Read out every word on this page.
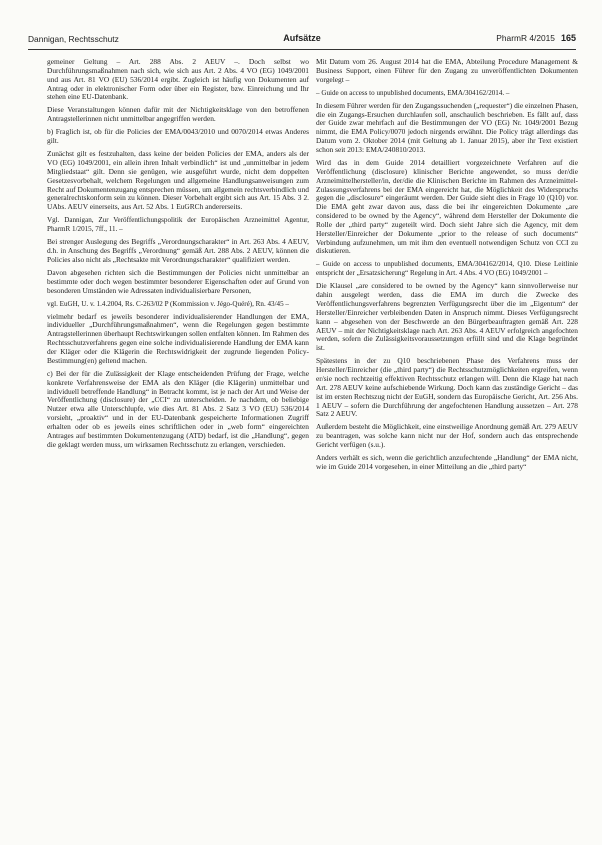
Dannigan, Rechtsschutz	Aufsätze	PharmR 4/2015 165

gemeiner Geltung – Art. 288 Abs. 2 AEUV –. Doch selbst wo Durchführungsmaßnahmen nach sich, wie sich aus Art. 2 Abs. 4 VO (EG) 1049/2001 und aus Art. 81 VO (EU) 536/2014 ergibt. Zugleich ist häufig von Dokumenten auf Antrag oder in elektronischer Form oder über ein Register, bzw. Einreichung und Ihr stehen eine EU-Datenbank.

Diese Veranstaltungen können dafür mit der Nichtigkeitsklage von den betroffenen Antragstellerinnen nicht unmittelbar angegriffen werden.

b) Fraglich ist, ob für die Policies der EMA/0043/2010 und 0070/2014 etwas Anderes gilt.

Zunächst gilt es festzuhalten, dass keine der beiden Policies der EMA, anders als der VO (EG) 1049/2001, ein allein ihren Inhalt verbindlich“ ist und „unmittelbar in jedem Mitgliedstaat“ gilt. Denn sie genügen, wie ausgeführt wurde, nicht dem doppelten Gesetzesvorbehalt, welchem Regelungen und allgemeine Handlungsanweisungen zum Recht auf Dokumentenzugang entsprechen müssen, um allgemein rechtsverbindlich und generalrechtskonform sein zu können. Dieser Vorbehalt ergibt sich aus Art. 15 Abs. 3 2. UAbs. AEUV einerseits, aus Art. 52 Abs. 1 EuGRCh andererseits.

Vgl. Dannigan, Zur Veröffentlichungspolitik der Europäischen Arzneimittel Agentur, PharmR 1/2015, 7ff., 11. –

Bei strenger Auslegung des Begriffs „Verordnungscharakter“ in Art. 263 Abs. 4 AEUV, d.h. in Anschung des Begriffs „Verordnung“ gemäß Art. 288 Abs. 2 AEUV, können die Policies also nicht als „Rechtsakte mit Verordnungscharakter“ qualifiziert werden.

Davon abgesehen richten sich die Bestimmungen der Policies nicht unmittelbar an bestimmte oder doch wegen bestimmter besonderer Eigenschaften oder auf Grund von besonderen Umständen wie Adressaten individualisierbare Personen,

vgl. EuGH, U. v. 1.4.2004, Rs. C-263/02 P (Kommission v. Jégo-Quéré), Rn. 43/45 –

vielmehr bedarf es jeweils besonderer individualisierender Handlungen der EMA, individueller „Durchführungsmaßnahmen“, wenn die Regelungen gegen bestimmte Antragstellerinnen überhaupt Rechtswirkungen sollen entfalten können. Im Rahmen des Rechtsschutzverfahrens gegen eine solche individualisierende Handlung der EMA kann der Kläger oder die Klägerin die Rechtswidrigkeit der zugrunde liegenden Policy-Bestimmung(en) geltend machen.

c) Bei der für die Zulässigkeit der Klage entscheidenden Prüfung der Frage, welche konkrete Verfahrensweise der EMA als den Kläger (die Klägerin) unmittelbar und individuell betreffende Handlung“ in Betracht kommt, ist je nach der Art und Weise der Veröffentlichung (disclosure) der „CCI“ zu unterscheiden. Je nachdem, ob beliebige Nutzer etwa alle Unterschlupfe, wie dies Art. 81 Abs. 2 Satz 3 VO (EU) 536/2014 vorsieht, „proaktiv“ und in der EU-Datenbank gespeicherte Informationen Zugriff erhalten oder ob es jeweils eines schriftlichen oder in „web form“ eingereichten Antrages auf bestimmten Dokumentenzugang (ATD) bedarf, ist die „Handlung“, gegen die geklagt werden muss, um wirksamen Rechtsschutz zu erlangen, verschieden.

Mit Datum vom 26. August 2014 hat die EMA, Abteilung Procedure Management & Business Support, einen Führer für den Zugang zu unveröffentlichten Dokumenten vorgelegt –

– Guide on access to unpublished documents, EMA/304162/2014. –

In diesem Führer werden für den Zugangssuchenden („requester“) die einzelnen Phasen, die ein Zugangs-Ersuchen durchlaufen soll, anschaulich beschrieben. Es fällt auf, dass der Guide zwar mehrfach auf die Bestimmungen der VO (EG) Nr. 1049/2001 Bezug nimmt, die EMA Policy/0070 jedoch nirgends erwähnt. Die Policy trägt allerdings das Datum vom 2. Oktober 2014 (mit Geltung ab 1. Januar 2015), aber ihr Text existiert schon seit 2013: EMA/240810/2013.

Wird das in dem Guide 2014 detailliert vorgezeichnete Verfahren auf die Veröffentlichung (disclosure) klinischer Berichte angewendet, so muss der/die Arzneimittelhersteller/in, der/die die Klinischen Berichte im Rahmen des Arzneimittel-Zulassungsverfahrens bei der EMA eingereicht hat, die Möglichkeit des Widerspruchs gegen die „disclosure“ eingeräumt werden. Der Guide sieht dies in Frage 10 (Q10) vor. Die EMA geht zwar davon aus, dass die bei ihr eingereichten Dokumente „are considered to be owned by the Agency“, während dem Hersteller der Dokumente die Rolle der „third party“ zugeteilt wird. Doch sieht Jahre sich die Agency, mit dem Hersteller/Einreicher der Dokumente „prior to the release of such documents“ Verbindung aufzunehmen, um mit ihm den eventuell notwendigen Schutz von CCI zu diskutieren.

– Guide on access to unpublished documents, EMA/304162/2014, Q10. Diese Leitlinie entspricht der „Ersatzsicherung“ Regelung in Art. 4 Abs. 4 VO (EG) 1049/2001 –

Die Klausel „are considered to be owned by the Agency“ kann sinnvollerweise nur dahin ausgelegt werden, dass die EMA im durch die Zwecke des Veröffentlichungsverfahrens begrenzten Verfügungsrecht über die im „Eigentum“ der Hersteller/Einreicher verbleibenden Daten in Anspruch nimmt. Dieses Verfügungsrecht kann – abgesehen von der Beschwerde an den Bürgerbeauftragten gemäß Art. 228 AEUV – mit der Nichtigkeitsklage nach Art. 263 Abs. 4 AEUV erfolgreich angefochten werden, sofern die Zulässigkeitsvoraussetzungen erfüllt sind und die Klage begründet ist.

Spätestens in der zu Q10 beschriebenen Phase des Verfahrens muss der Hersteller/Einreicher (die „third party“) die Rechtsschutzmöglichkeiten ergreifen, wenn er/sie noch rechtzeitig effektiven Rechtsschutz erlangen will. Denn die Klage hat nach Art. 278 AEUV keine aufschiebende Wirkung. Doch kann das zuständige Gericht – das ist im ersten Rechtszug nicht der EuGH, sondern das Europäische Gericht, Art. 256 Abs. 1 AEUV – sofern die Durchführung der angefochtenen Handlung aussetzen – Art. 278 Satz 2 AEUV.

Außerdem besteht die Möglichkeit, eine einstweilige Anordnung gemäß Art. 279 AEUV zu beantragen, was solche kann nicht nur der Hof, sondern auch das entsprechende Gericht verfügen (s.u.).

Anders verhält es sich, wenn die gerichtlich anzufechtende „Handlung“ der EMA nicht, wie im Guide 2014 vorgesehen, in einer Mitteilung an die „third party“
